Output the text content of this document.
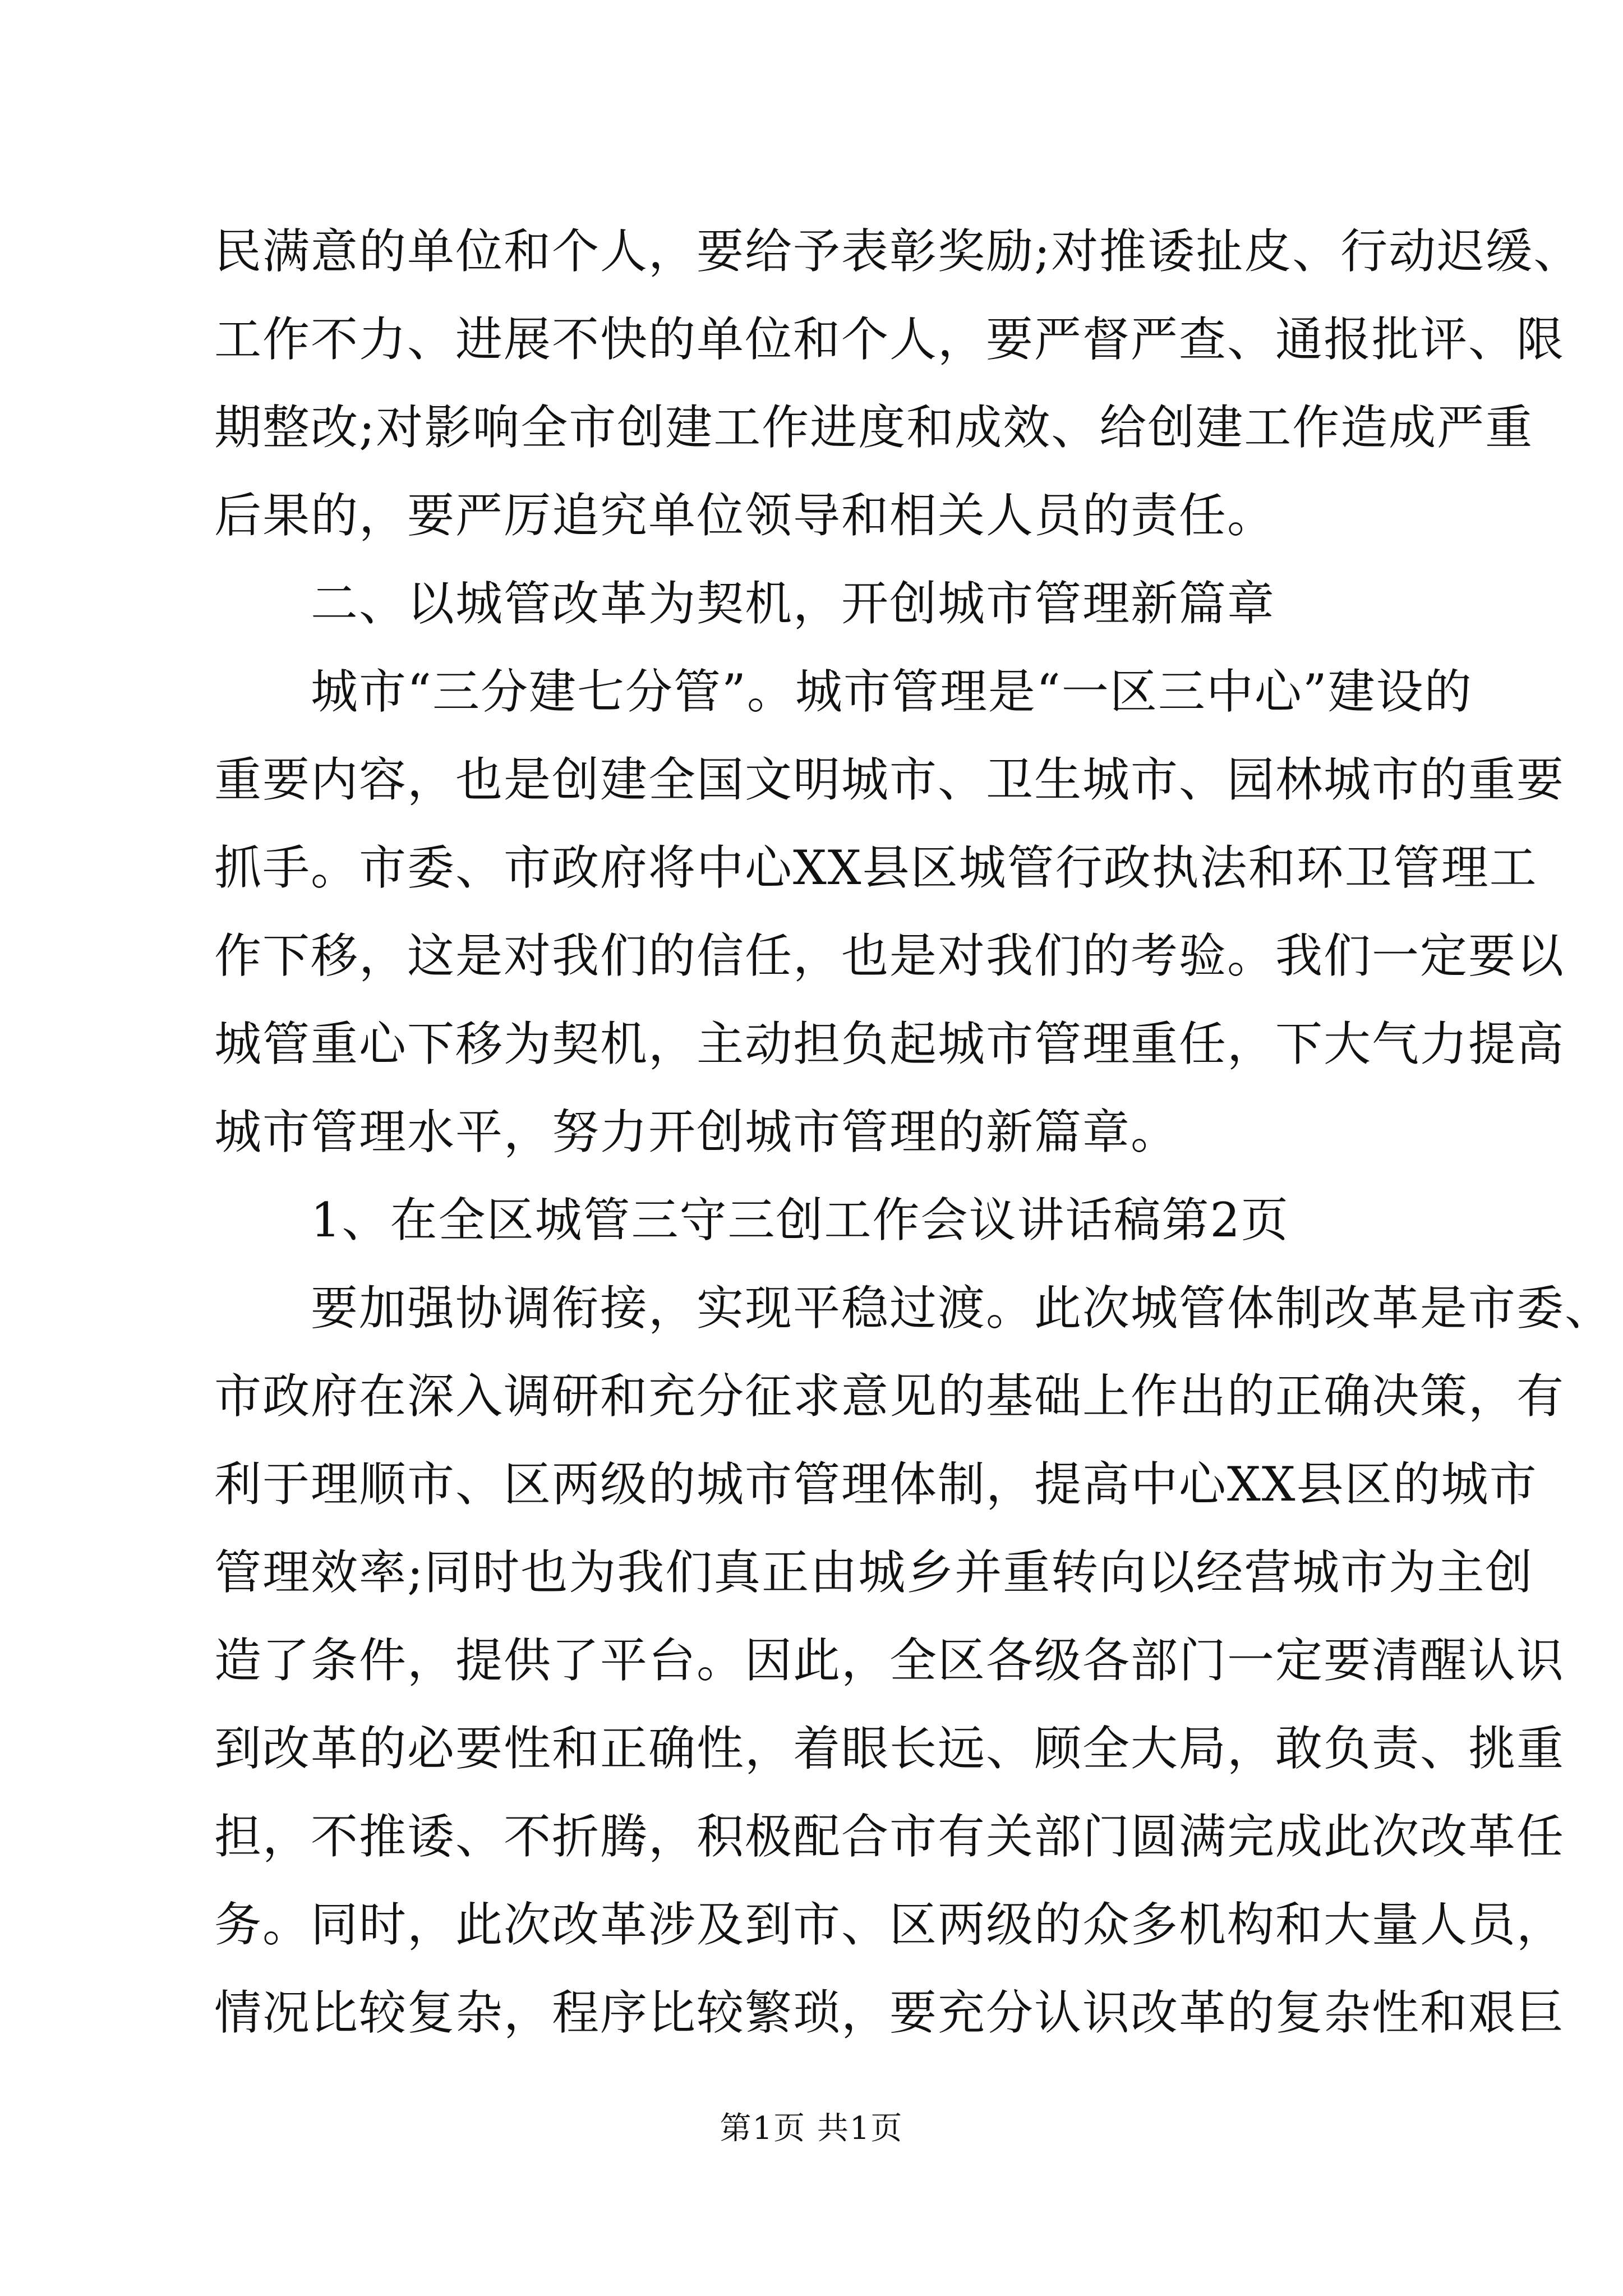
民满意的单位和个人，要给予表彰奖励;对推诿扯皮、行动迟缓、
工作不力、进展不快的单位和个人，要严督严查、通报批评、限
期整改;对影响全市创建工作进度和成效、给创建工作造成严重
后果的，要严厉追究单位领导和相关人员的责任。
二、以城管改革为契机，开创城市管理新篇章
城市“三分建七分管”。城市管理是“一区三中心”建设的
重要内容，也是创建全国文明城市、卫生城市、园林城市的重要
抓手。市委、市政府将中心XX县区城管行政执法和环卫管理工
作下移，这是对我们的信任，也是对我们的考验。我们一定要以
城管重心下移为契机，主动担负起城市管理重任，下大气力提高
城市管理水平，努力开创城市管理的新篇章。
1、在全区城管三守三创工作会议讲话稿第2页
要加强协调衔接，实现平稳过渡。此次城管体制改革是市委、
市政府在深入调研和充分征求意见的基础上作出的正确决策，有
利于理顺市、区两级的城市管理体制，提高中心XX县区的城市
管理效率;同时也为我们真正由城乡并重转向以经营城市为主创
造了条件，提供了平台。因此，全区各级各部门一定要清醒认识
到改革的必要性和正确性，着眼长远、顾全大局，敢负责、挑重
担，不推诿、不折腾，积极配合市有关部门圆满完成此次改革任
务。同时，此次改革涉及到市、区两级的众多机构和大量人员，
情况比较复杂，程序比较繁琐，要充分认识改革的复杂性和艰巨
第1页 共1页
